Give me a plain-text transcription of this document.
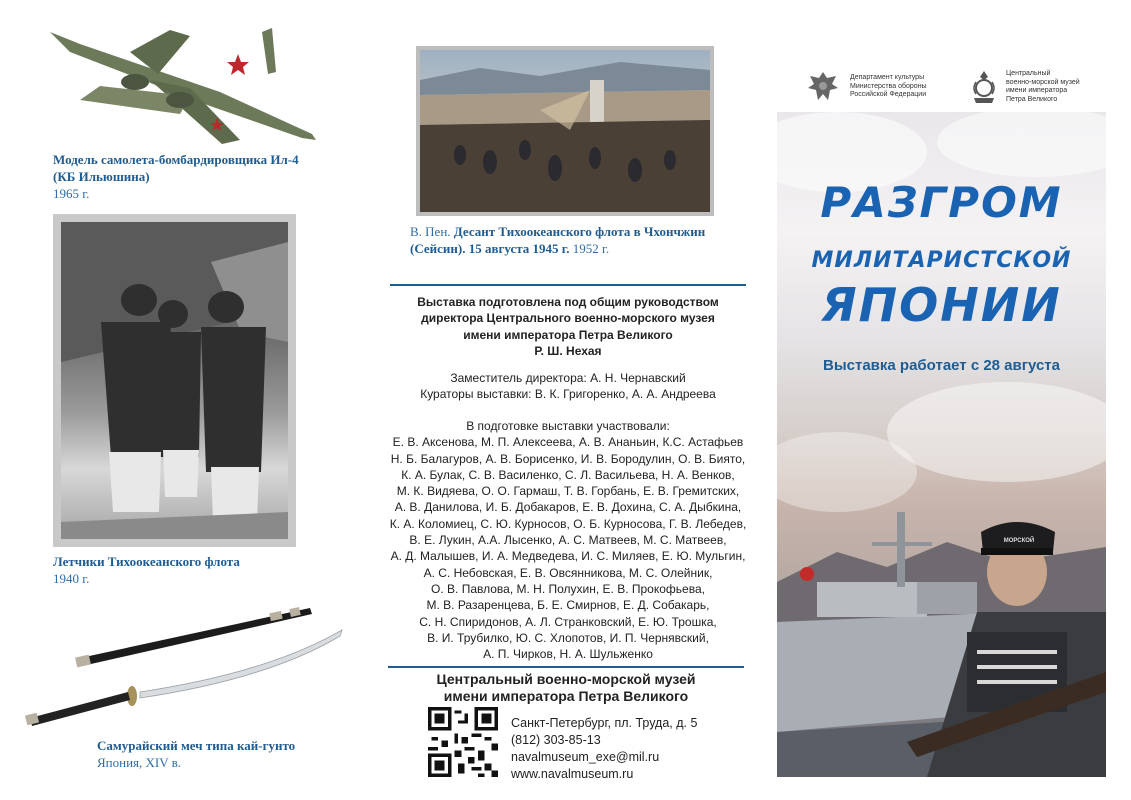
Модель самолета-бомбардировщика Ил-4
(КБ Ильюшина)
1965 г.
Летчики Тихоокеанского флота
1940 г.
Самурайский меч типа кай-гунто
Япония, XIV в.
В. Пен. Десант Тихоокеанского флота в Чхончжин
(Сейсин). 15 августа 1945 г. 1952 г.
Выставка подготовлена под общим руководством
директора Центрального военно-морского музея
имени императора Петра Великого
Р. Ш. Нехая
Заместитель директора: А. Н. Чернавский
Кураторы выставки: В. К. Григоренко, А. А. Андреева
В подготовке выставки участвовали:
Е. В. Аксенова, М. П. Алексеева, А. В. Ананьин, К.С. Астафьев
Н. Б. Балагуров, А. В. Борисенко, И. В. Бородулин, О. В. Биято,
К. А. Булак, С. В. Василенко, С. Л. Васильева, Н. А. Венков,
М. К. Видяева, О. О. Гармаш, Т. В. Горбань, Е. В. Гремитских,
А. В. Данилова, И. Б. Добакаров, Е. В. Дохина, С. А. Дыбкина,
К. А. Коломиец, С. Ю. Курносов, О. Б. Курносова, Г. В. Лебедев,
В. Е. Лукин, А.А. Лысенко, А. С. Матвеев, М. С. Матвеев,
А. Д. Малышев, И. А. Медведева, И. С. Миляев, Е. Ю. Мульгин,
А. С. Небовская, Е. В. Овсянникова, М. С. Олейник,
О. В. Павлова, М. Н. Полухин, Е. В. Прокофьева,
М. В. Разаренцева, Б. Е. Смирнов, Е. Д. Собакарь,
С. Н. Спиридонов, А. Л. Странковский, Е. Ю. Трошка,
В. И. Трубилко, Ю. С. Хлопотов, И. П. Чернявский,
А. П. Чирков, Н. А. Шульженко
Центральный военно-морской музей
имени императора Петра Великого
Санкт-Петербург, пл. Труда, д. 5
(812) 303-85-13
navalmuseum_exe@mil.ru
www.navalmuseum.ru
Департамент культуры
Министерства обороны
Российской Федерации
Центральный
военно-морской музей
имени императора
Петра Великого
РАЗГРОМ
МИЛИТАРИСТСКОЙ
ЯПОНИИ
Выставка работает с 28 августа
МОРСКОЙ
